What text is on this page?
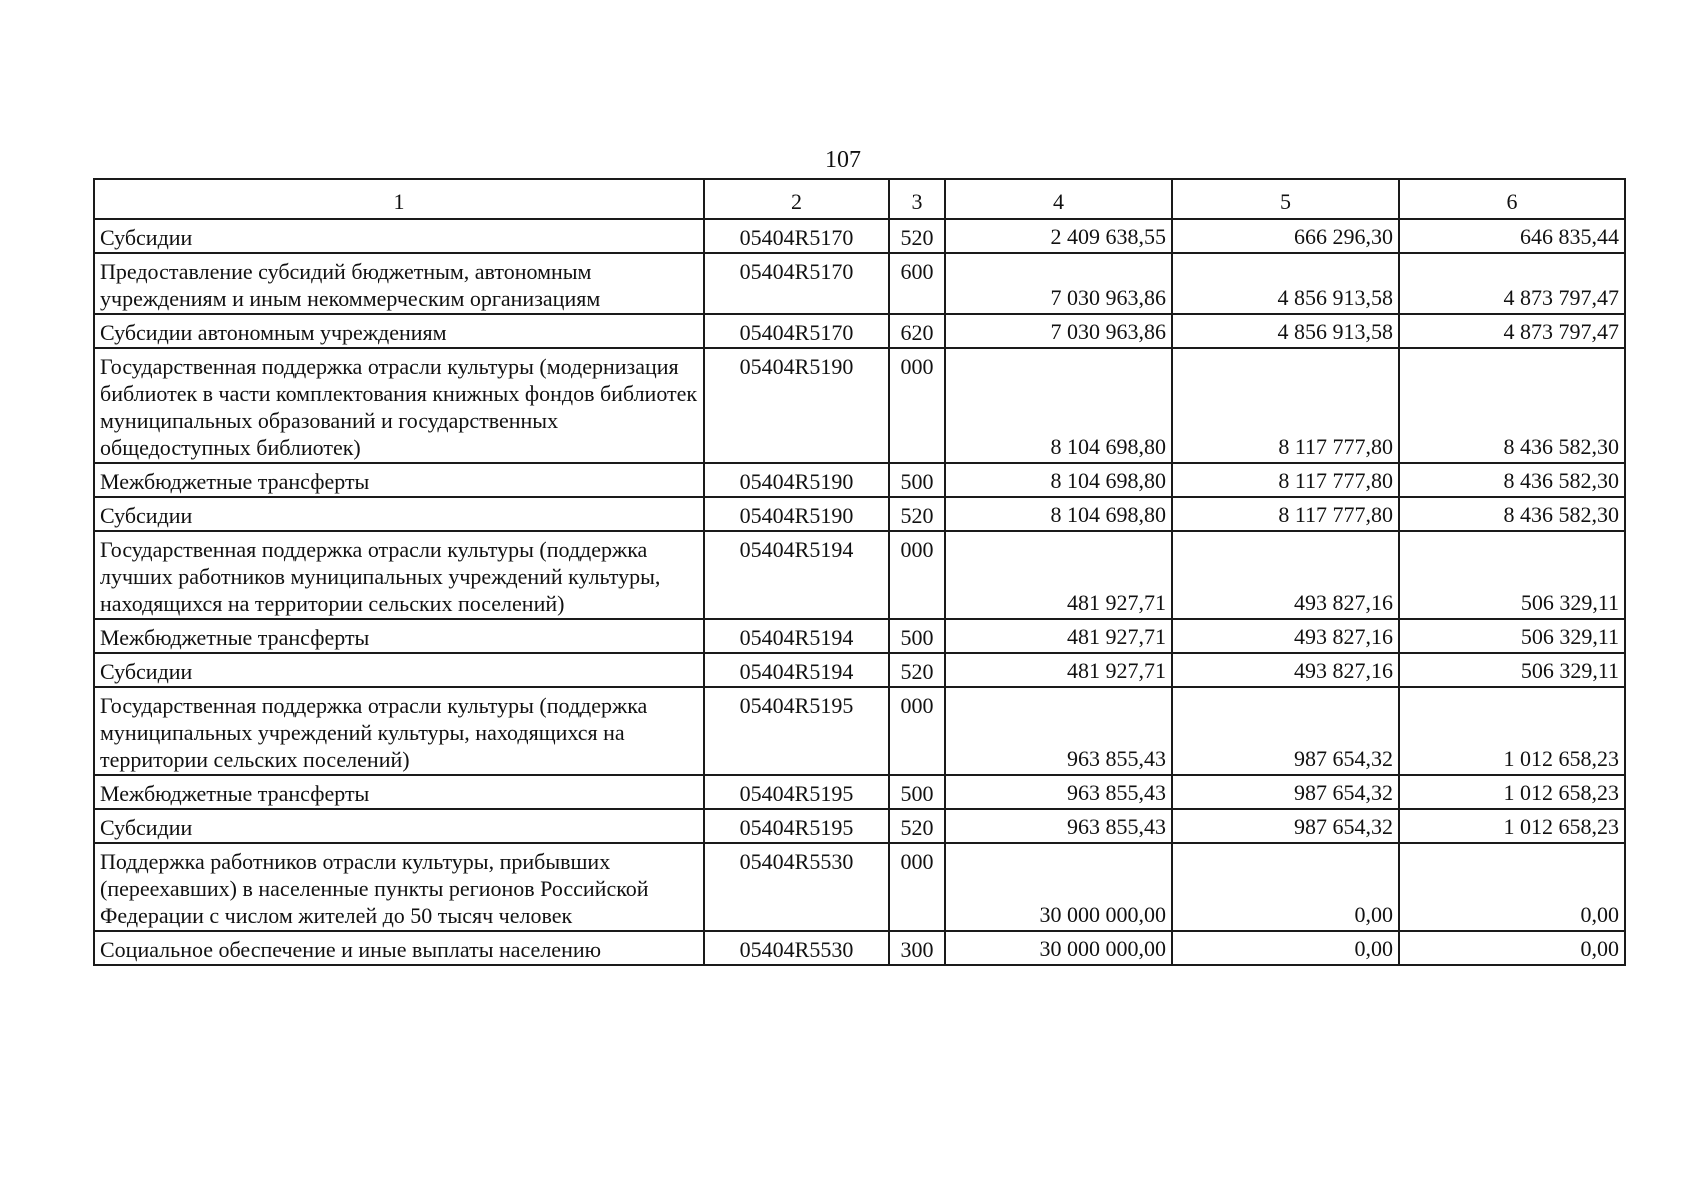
107
1	2	3	4	5	6
Субсидии	05404R5170	520	2 409 638,55	666 296,30	646 835,44
Предоставление субсидий бюджетным, автономным учреждениям и иным некоммерческим организациям	05404R5170	600	7 030 963,86	4 856 913,58	4 873 797,47
Субсидии автономным учреждениям	05404R5170	620	7 030 963,86	4 856 913,58	4 873 797,47
Государственная поддержка отрасли культуры (модернизация библиотек в части комплектования книжных фондов библиотек муниципальных образований и государственных общедоступных библиотек)	05404R5190	000	8 104 698,80	8 117 777,80	8 436 582,30
Межбюджетные трансферты	05404R5190	500	8 104 698,80	8 117 777,80	8 436 582,30
Субсидии	05404R5190	520	8 104 698,80	8 117 777,80	8 436 582,30
Государственная поддержка отрасли культуры (поддержка лучших работников муниципальных учреждений культуры, находящихся на территории сельских поселений)	05404R5194	000	481 927,71	493 827,16	506 329,11
Межбюджетные трансферты	05404R5194	500	481 927,71	493 827,16	506 329,11
Субсидии	05404R5194	520	481 927,71	493 827,16	506 329,11
Государственная поддержка отрасли культуры (поддержка муниципальных учреждений культуры, находящихся на территории сельских поселений)	05404R5195	000	963 855,43	987 654,32	1 012 658,23
Межбюджетные трансферты	05404R5195	500	963 855,43	987 654,32	1 012 658,23
Субсидии	05404R5195	520	963 855,43	987 654,32	1 012 658,23
Поддержка работников отрасли культуры, прибывших (переехавших) в населенные пункты регионов Российской Федерации с числом жителей до 50 тысяч человек	05404R5530	000	30 000 000,00	0,00	0,00
Социальное обеспечение и иные выплаты населению	05404R5530	300	30 000 000,00	0,00	0,00
